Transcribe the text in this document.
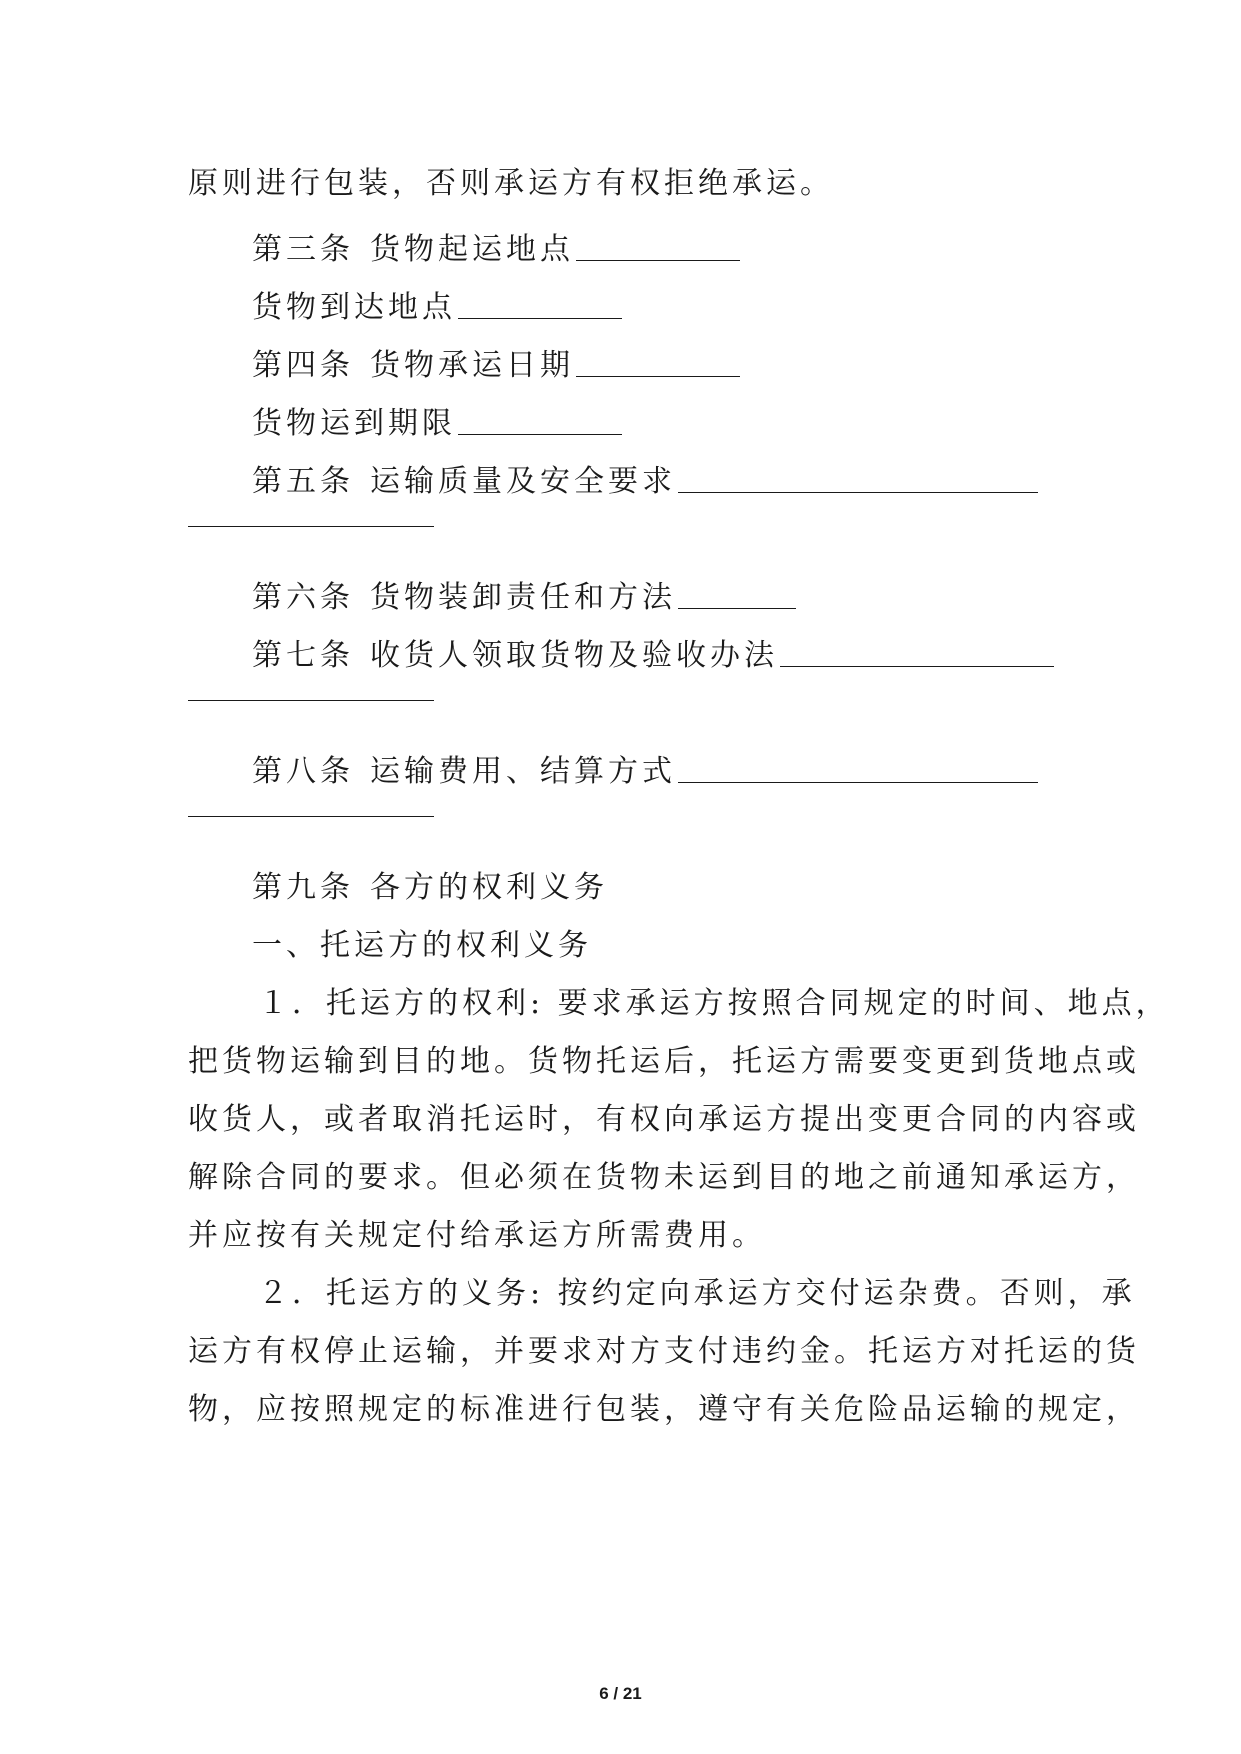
原则进行包装，否则承运方有权拒绝承运。
第三条 货物起运地点
货物到达地点
第四条 货物承运日期
货物运到期限
第五条 运输质量及安全要求
第六条 货物装卸责任和方法
第七条 收货人领取货物及验收办法
第八条 运输费用、结算方式
第九条 各方的权利义务
一、托运方的权利义务
１．托运方的权利: 要求承运方按照合同规定的时间、地点，
把货物运输到目的地。货物托运后，托运方需要变更到货地点或
收货人，或者取消托运时，有权向承运方提出变更合同的内容或
解除合同的要求。但必须在货物未运到目的地之前通知承运方，
并应按有关规定付给承运方所需费用。
２．托运方的义务: 按约定向承运方交付运杂费。否则，承
运方有权停止运输，并要求对方支付违约金。托运方对托运的货
物，应按照规定的标准进行包装，遵守有关危险品运输的规定，
6 / 21
